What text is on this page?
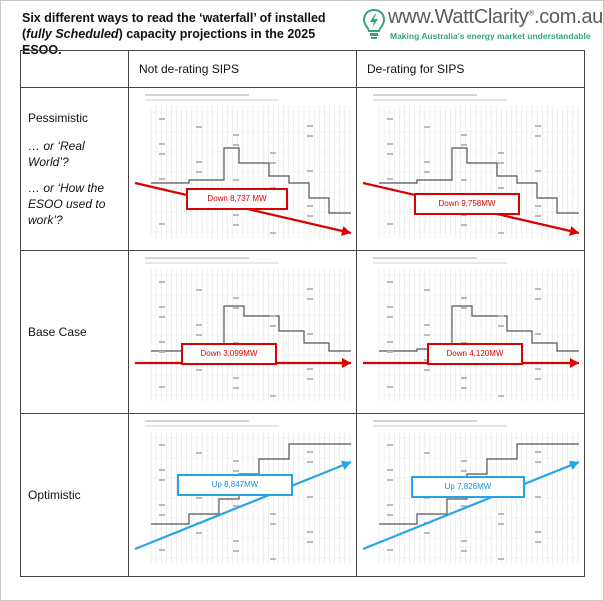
Six different ways to read the ‘waterfall’ of installed (fully Scheduled) capacity projections in the 2025 ESOO.
www.WattClarity®.com.au
Making Australia's energy market understandable
	Not de-rating SIPS	De-rating for SIPS
Pessimistic
… or ‘Real World’?
… or ‘How the ESOO used to work’?	Down 8,737 MW	Down 9,758MW

Base Case	Down 3,099MW	Down 4,120MW

Optimistic	Up 8,847MW	Up 7,826MW
